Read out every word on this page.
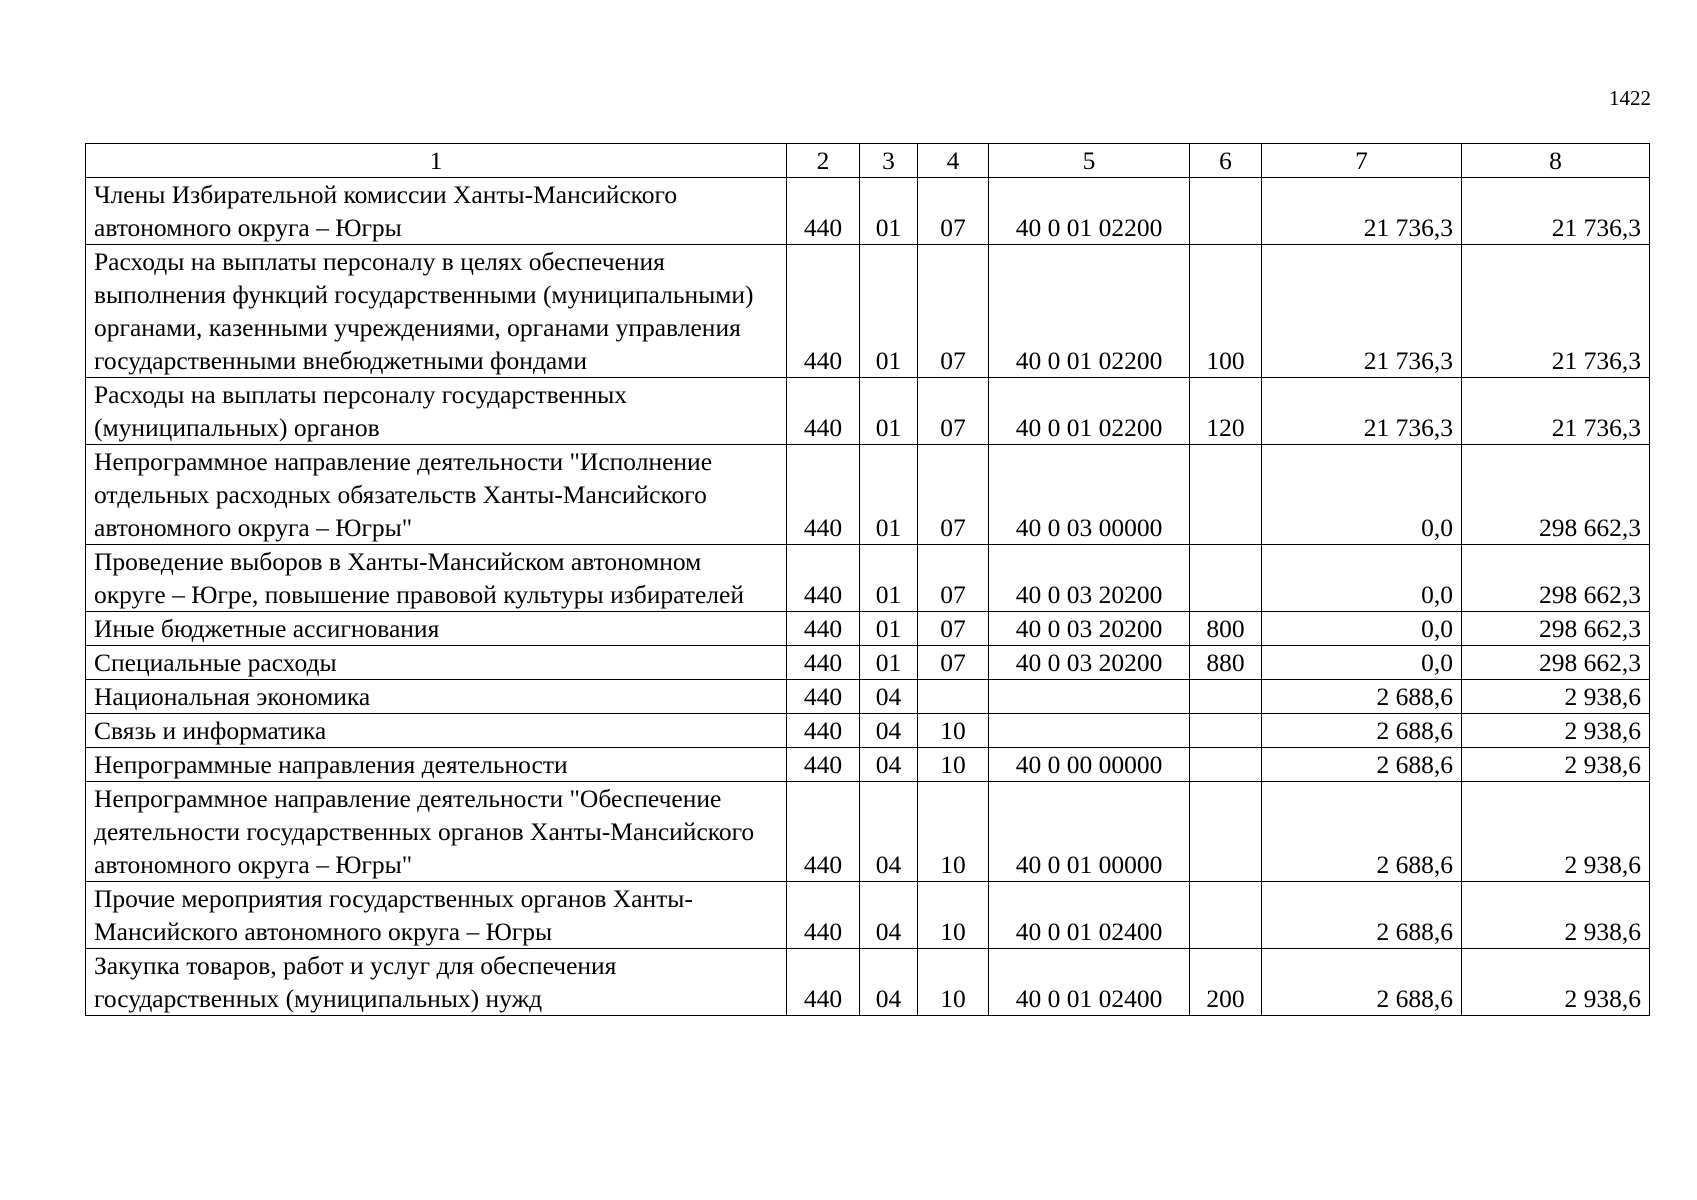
1422
1	2	3	4	5	6	7	8
Члены Избирательной комиссии Ханты-Мансийского автономного округа – Югры	440	01	07	40 0 01 02200		21 736,3	21 736,3
Расходы на выплаты персоналу в целях обеспечения выполнения функций государственными (муниципальными) органами, казенными учреждениями, органами управления государственными внебюджетными фондами	440	01	07	40 0 01 02200	100	21 736,3	21 736,3
Расходы на выплаты персоналу государственных (муниципальных) органов	440	01	07	40 0 01 02200	120	21 736,3	21 736,3
Непрограммное направление деятельности "Исполнение отдельных расходных обязательств Ханты-Мансийского автономного округа – Югры"	440	01	07	40 0 03 00000		0,0	298 662,3
Проведение выборов в Ханты-Мансийском автономном округе – Югре, повышение правовой культуры избирателей	440	01	07	40 0 03 20200		0,0	298 662,3
Иные бюджетные ассигнования	440	01	07	40 0 03 20200	800	0,0	298 662,3
Специальные расходы	440	01	07	40 0 03 20200	880	0,0	298 662,3
Национальная экономика	440	04				2 688,6	2 938,6
Связь и информатика	440	04	10			2 688,6	2 938,6
Непрограммные направления деятельности	440	04	10	40 0 00 00000		2 688,6	2 938,6
Непрограммное направление деятельности "Обеспечение деятельности государственных органов Ханты-Мансийского автономного округа – Югры"	440	04	10	40 0 01 00000		2 688,6	2 938,6
Прочие мероприятия государственных органов Ханты-Мансийского автономного округа – Югры	440	04	10	40 0 01 02400		2 688,6	2 938,6
Закупка товаров, работ и услуг для обеспечения государственных (муниципальных) нужд	440	04	10	40 0 01 02400	200	2 688,6	2 938,6
